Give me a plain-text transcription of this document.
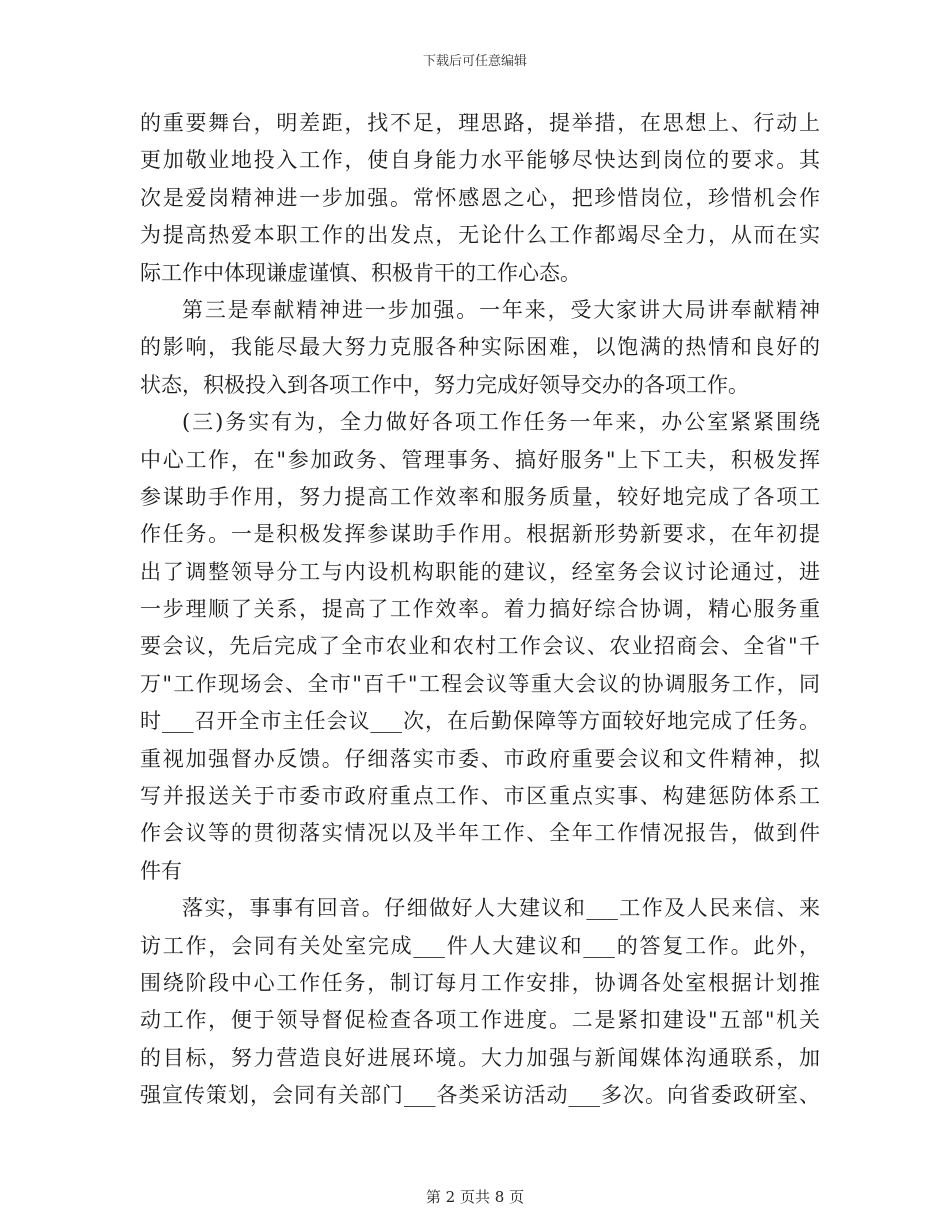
下载后可任意编辑
的重要舞台，明差距，找不足，理思路，提举措，在思想上、行动上
更加敬业地投入工作，使自身能力水平能够尽快达到岗位的要求。其
次是爱岗精神进一步加强。常怀感恩之心，把珍惜岗位，珍惜机会作
为提高热爱本职工作的出发点，无论什么工作都竭尽全力，从而在实
际工作中体现谦虚谨慎、积极肯干的工作心态。
第三是奉献精神进一步加强。一年来，受大家讲大局讲奉献精神
的影响，我能尽最大努力克服各种实际困难，以饱满的热情和良好的
状态，积极投入到各项工作中，努力完成好领导交办的各项工作。
(三)务实有为，全力做好各项工作任务一年来，办公室紧紧围绕
中心工作，在"参加政务、管理事务、搞好服务"上下工夫，积极发挥
参谋助手作用，努力提高工作效率和服务质量，较好地完成了各项工
作任务。一是积极发挥参谋助手作用。根据新形势新要求，在年初提
出了调整领导分工与内设机构职能的建议，经室务会议讨论通过，进
一步理顺了关系，提高了工作效率。着力搞好综合协调，精心服务重
要会议，先后完成了全市农业和农村工作会议、农业招商会、全省"千
万"工作现场会、全市"百千"工程会议等重大会议的协调服务工作，同
时___召开全市主任会议___次，在后勤保障等方面较好地完成了任务。
重视加强督办反馈。仔细落实市委、市政府重要会议和文件精神，拟
写并报送关于市委市政府重点工作、市区重点实事、构建惩防体系工
作会议等的贯彻落实情况以及半年工作、全年工作情况报告，做到件
件有
落实，事事有回音。仔细做好人大建议和___工作及人民来信、来
访工作，会同有关处室完成___件人大建议和___的答复工作。此外，
围绕阶段中心工作任务，制订每月工作安排，协调各处室根据计划推
动工作，便于领导督促检查各项工作进度。二是紧扣建设"五部"机关
的目标，努力营造良好进展环境。大力加强与新闻媒体沟通联系，加
强宣传策划，会同有关部门___各类采访活动___多次。向省委政研室、
第 2 页共 8 页
